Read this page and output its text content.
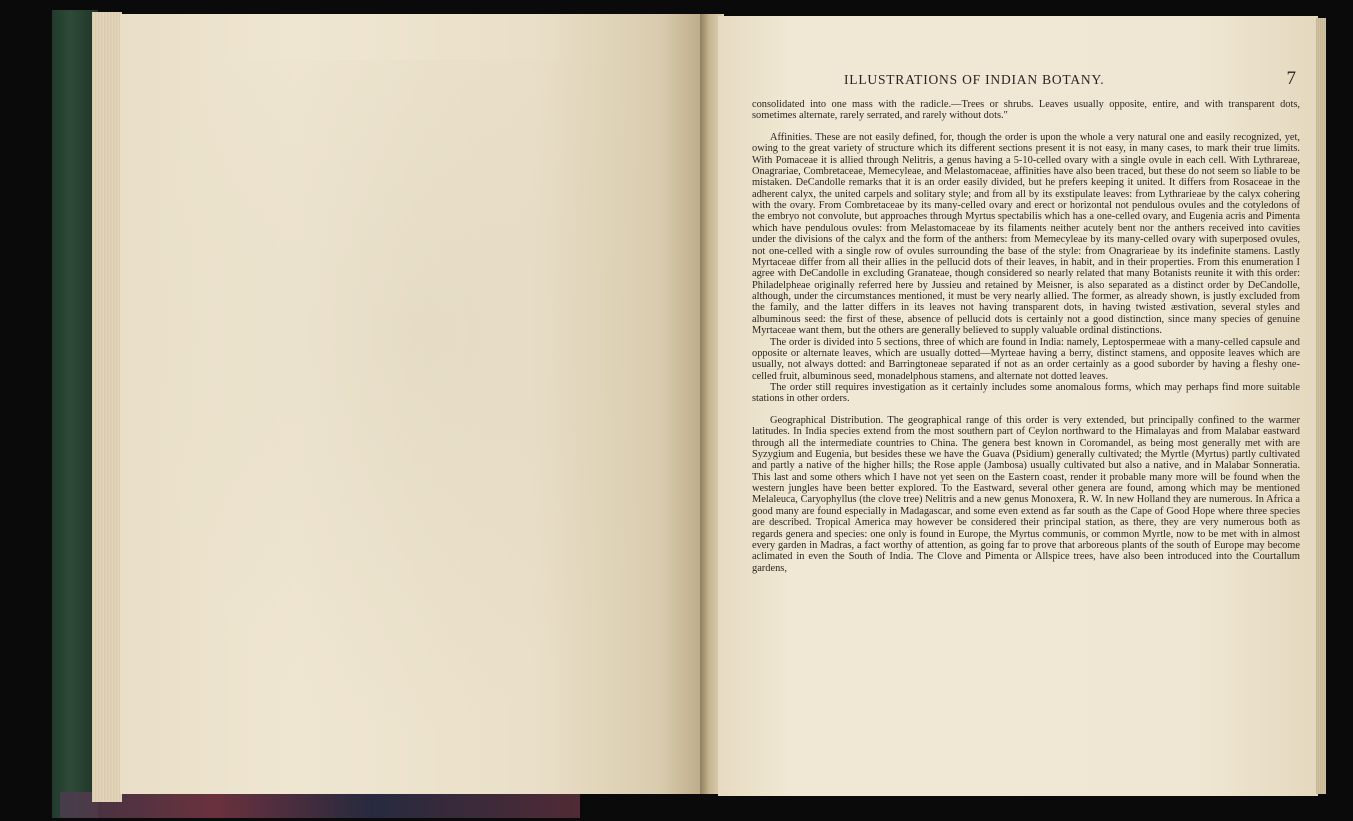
ILLUSTRATIONS OF INDIAN BOTANY.	7

consolidated into one mass with the radicle.—Trees or shrubs. Leaves usually opposite, entire, and with transparent dots, sometimes alternate, rarely serrated, and rarely without dots."

Affinities. These are not easily defined, for, though the order is upon the whole a very natural one and easily recognized, yet, owing to the great variety of structure which its different sections present it is not easy, in many cases, to mark their true limits. With Pomaceae it is allied through Nelitris, a genus having a 5-10-celled ovary with a single ovule in each cell. With Lythrareae, Onagrariae, Combretaceae, Memecyleae, and Melastomaceae, affinities have also been traced, but these do not seem so liable to be mistaken. DeCandolle remarks that it is an order easily divided, but he prefers keeping it united. It differs from Rosaceae in the adherent calyx, the united carpels and solitary style; and from all by its exstipulate leaves: from Lythrarieae by the calyx cohering with the ovary. From Combretaceae by its many-celled ovary and erect or horizontal not pendulous ovules and the cotyledons of the embryo not convolute, but approaches through Myrtus spectabilis which has a one-celled ovary, and Eugenia acris and Pimenta which have pendulous ovules: from Melastomaceae by its filaments neither acutely bent nor the anthers received into cavities under the divisions of the calyx and the form of the anthers: from Memecyleae by its many-celled ovary with superposed ovules, not one-celled with a single row of ovules surrounding the base of the style: from Onagrarieae by its indefinite stamens. Lastly Myrtaceae differ from all their allies in the pellucid dots of their leaves, in habit, and in their properties. From this enumeration I agree with DeCandolle in excluding Granateae, though considered so nearly related that many Botanists reunite it with this order: Philadelpheae originally referred here by Jussieu and retained by Meisner, is also separated as a distinct order by DeCandolle, although, under the circumstances mentioned, it must be very nearly allied. The former, as already shown, is justly excluded from the family, and the latter differs in its leaves not having transparent dots, in having twisted æstivation, several styles and albuminous seed: the first of these, absence of pellucid dots is certainly not a good distinction, since many species of genuine Myrtaceae want them, but the others are generally believed to supply valuable ordinal distinctions.

The order is divided into 5 sections, three of which are found in India: namely, Leptospermeae with a many-celled capsule and opposite or alternate leaves, which are usually dotted—Myrteae having a berry, distinct stamens, and opposite leaves which are usually, not always dotted: and Barringtoneae separated if not as an order certainly as a good suborder by having a fleshy one-celled fruit, albuminous seed, monadelphous stamens, and alternate not dotted leaves.

The order still requires investigation as it certainly includes some anomalous forms, which may perhaps find more suitable stations in other orders.

Geographical Distribution. The geographical range of this order is very extended, but principally confined to the warmer latitudes. In India species extend from the most southern part of Ceylon northward to the Himalayas and from Malabar eastward through all the intermediate countries to China. The genera best known in Coromandel, as being most generally met with are Syzygium and Eugenia, but besides these we have the Guava (Psidium) generally cultivated; the Myrtle (Myrtus) partly cultivated and partly a native of the higher hills; the Rose apple (Jambosa) usually cultivated but also a native, and in Malabar Sonneratia. This last and some others which I have not yet seen on the Eastern coast, render it probable many more will be found when the western jungles have been better explored. To the Eastward, several other genera are found, among which may be mentioned Melaleuca, Caryophyllus (the clove tree) Nelitris and a new genus Monoxera, R. W. In new Holland they are numerous. In Africa a good many are found especially in Madagascar, and some even extend as far south as the Cape of Good Hope where three species are described. Tropical America may however be considered their principal station, as there, they are very numerous both as regards genera and species: one only is found in Europe, the Myrtus communis, or common Myrtle, now to be met with in almost every garden in Madras, a fact worthy of attention, as going far to prove that arboreous plants of the south of Europe may become aclimated in even the South of India. The Clove and Pimenta or Allspice trees, have also been introduced into the Courtallum gardens,
